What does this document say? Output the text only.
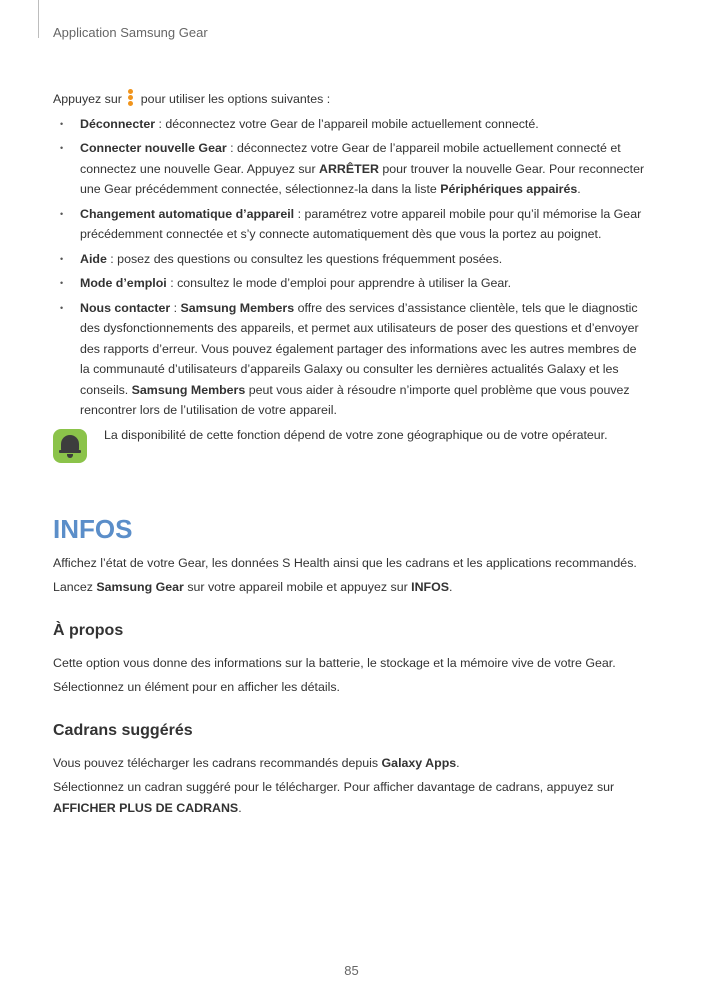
Application Samsung Gear

Appuyez sur pour utiliser les options suivantes :

• Déconnecter : déconnectez votre Gear de l’appareil mobile actuellement connecté.
• Connecter nouvelle Gear : déconnectez votre Gear de l’appareil mobile actuellement connecté et connectez une nouvelle Gear. Appuyez sur ARRÊTER pour trouver la nouvelle Gear. Pour reconnecter une Gear précédemment connectée, sélectionnez-la dans la liste Périphériques appairés.
• Changement automatique d’appareil : paramétrez votre appareil mobile pour qu’il mémorise la Gear précédemment connectée et s’y connecte automatiquement dès que vous la portez au poignet.
• Aide : posez des questions ou consultez les questions fréquemment posées.
• Mode d’emploi : consultez le mode d’emploi pour apprendre à utiliser la Gear.
• Nous contacter : Samsung Members offre des services d’assistance clientèle, tels que le diagnostic des dysfonctionnements des appareils, et permet aux utilisateurs de poser des questions et d’envoyer des rapports d’erreur. Vous pouvez également partager des informations avec les autres membres de la communauté d’utilisateurs d’appareils Galaxy ou consulter les dernières actualités Galaxy et les conseils. Samsung Members peut vous aider à résoudre n’importe quel problème que vous pouvez rencontrer lors de l’utilisation de votre appareil.

La disponibilité de cette fonction dépend de votre zone géographique ou de votre opérateur.

INFOS

Affichez l’état de votre Gear, les données S Health ainsi que les cadrans et les applications recommandés.

Lancez Samsung Gear sur votre appareil mobile et appuyez sur INFOS.

À propos

Cette option vous donne des informations sur la batterie, le stockage et la mémoire vive de votre Gear.

Sélectionnez un élément pour en afficher les détails.

Cadrans suggérés

Vous pouvez télécharger les cadrans recommandés depuis Galaxy Apps.

Sélectionnez un cadran suggéré pour le télécharger. Pour afficher davantage de cadrans, appuyez sur AFFICHER PLUS DE CADRANS.

85
